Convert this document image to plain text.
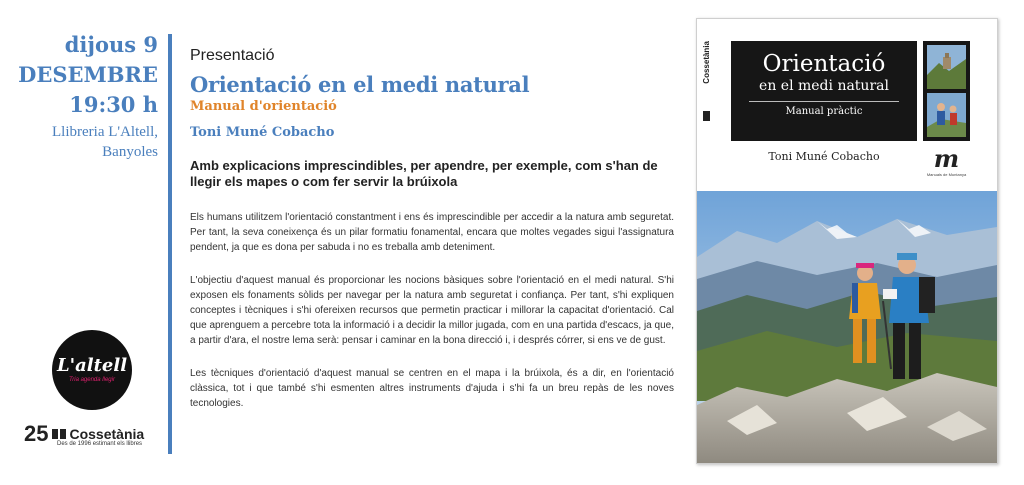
dijous 9
DESEMBRE
19:30 h
Llibreria L'Altell,
Banyoles
L'altell
Tria agenda llegir
25 Cossetània
Des de 1996 estimant els llibres
Presentació
Orientació en el medi natural
Manual d'orientació
Toni Muné Cobacho
Amb explicacions imprescindibles, per apendre, per exemple, com s'han de llegir els mapes o com fer servir la brúixola
Els humans utilitzem l'orientació constantment i ens és imprescindible per accedir a la natura amb seguretat. Per tant, la seva coneixença és un pilar formatiu fonamental, encara que moltes vegades sigui l'assignatura pendent, ja que es dona per sabuda i no es treballa amb deteniment.
L'objectiu d'aquest manual és proporcionar les nocions bàsiques sobre l'orientació en el medi natural. S'hi exposen els fonaments sòlids per navegar per la natura amb seguretat i confiança. Per tant, s'hi expliquen conceptes i tècniques i s'hi ofereixen recursos que permetin practicar i millorar la capacitat d'orientació. Cal que aprenguem a percebre tota la informació i a decidir la millor jugada, com en una partida d'escacs, ja que, a partir d'ara, el nostre lema serà: pensar i caminar en la bona direcció i, i després córrer, si ens ve de gust.
Les tècniques d'orientació d'aquest manual se centren en el mapa i la brúixola, és a dir, en l'orientació clàssica, tot i que també s'hi esmenten altres instruments d'ajuda i s'hi fa un breu repàs de les noves tecnologies.
Cossetània	Orientació
en el medi natural
Manual pràctic
Toni Muné Cobacho	m
Manuals de Muntanya
